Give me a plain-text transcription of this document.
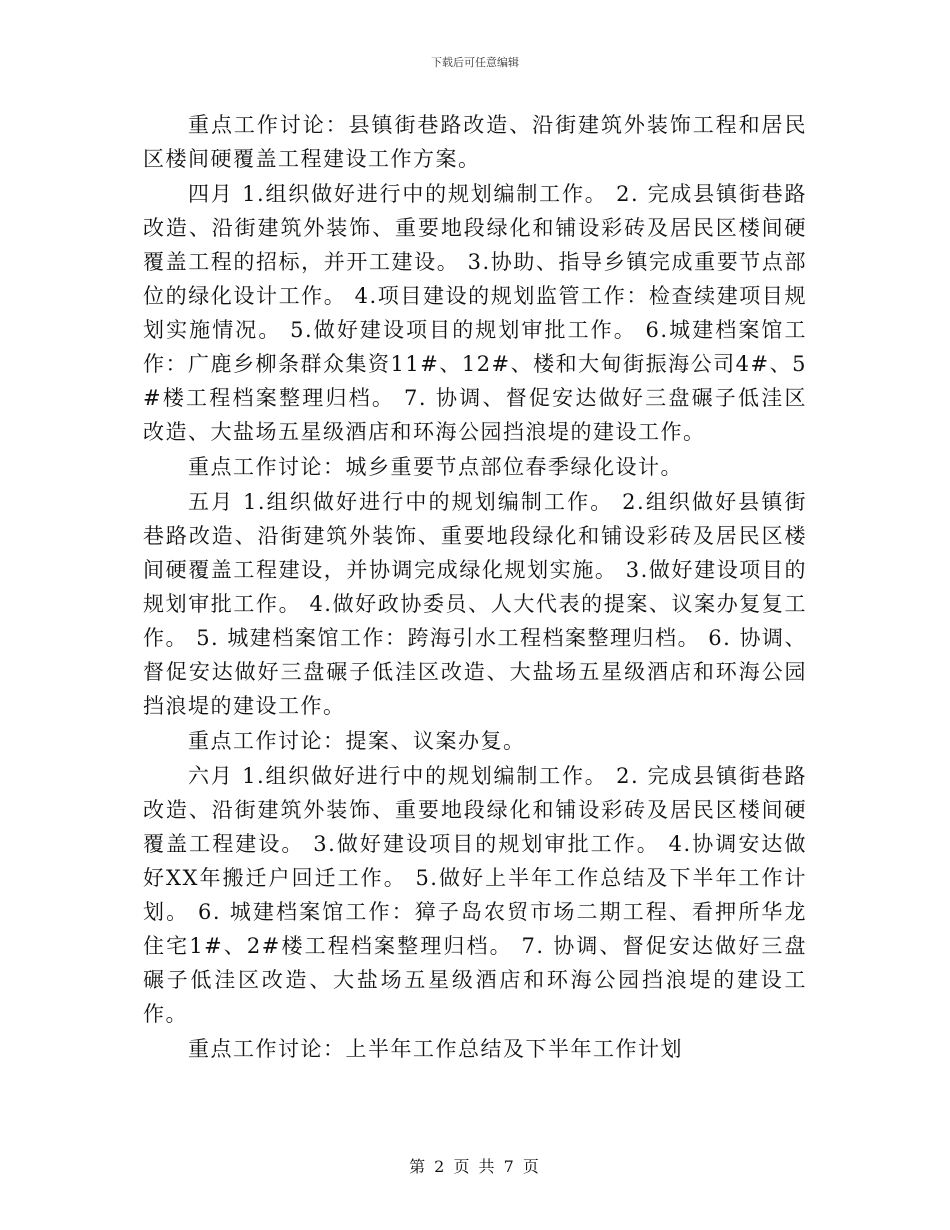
下载后可任意编辑

重点工作讨论：县镇街巷路改造、沿街建筑外装饰工程和居民区楼间硬覆盖工程建设工作方案。

四月 1.组织做好进行中的规划编制工作。 2. 完成县镇街巷路改造、沿街建筑外装饰、重要地段绿化和铺设彩砖及居民区楼间硬覆盖工程的招标，并开工建设。 3.协助、指导乡镇完成重要节点部位的绿化设计工作。 4.项目建设的规划监管工作：检查续建项目规划实施情况。 5.做好建设项目的规划审批工作。 6.城建档案馆工作：广鹿乡柳条群众集资11#、12#、楼和大甸街振海公司4#、5#楼工程档案整理归档。 7. 协调、督促安达做好三盘碾子低洼区改造、大盐场五星级酒店和环海公园挡浪堤的建设工作。

重点工作讨论：城乡重要节点部位春季绿化设计。

五月 1.组织做好进行中的规划编制工作。 2.组织做好县镇街巷路改造、沿街建筑外装饰、重要地段绿化和铺设彩砖及居民区楼间硬覆盖工程建设，并协调完成绿化规划实施。 3.做好建设项目的规划审批工作。 4.做好政协委员、人大代表的提案、议案办复复工作。 5. 城建档案馆工作：跨海引水工程档案整理归档。 6. 协调、督促安达做好三盘碾子低洼区改造、大盐场五星级酒店和环海公园挡浪堤的建设工作。

重点工作讨论：提案、议案办复。

六月 1.组织做好进行中的规划编制工作。 2. 完成县镇街巷路改造、沿街建筑外装饰、重要地段绿化和铺设彩砖及居民区楼间硬覆盖工程建设。 3.做好建设项目的规划审批工作。 4.协调安达做好XX年搬迁户回迁工作。 5.做好上半年工作总结及下半年工作计划。 6. 城建档案馆工作：獐子岛农贸市场二期工程、看押所华龙住宅1#、2#楼工程档案整理归档。 7. 协调、督促安达做好三盘碾子低洼区改造、大盐场五星级酒店和环海公园挡浪堤的建设工作。

重点工作讨论：上半年工作总结及下半年工作计划

第 2 页 共 7 页
